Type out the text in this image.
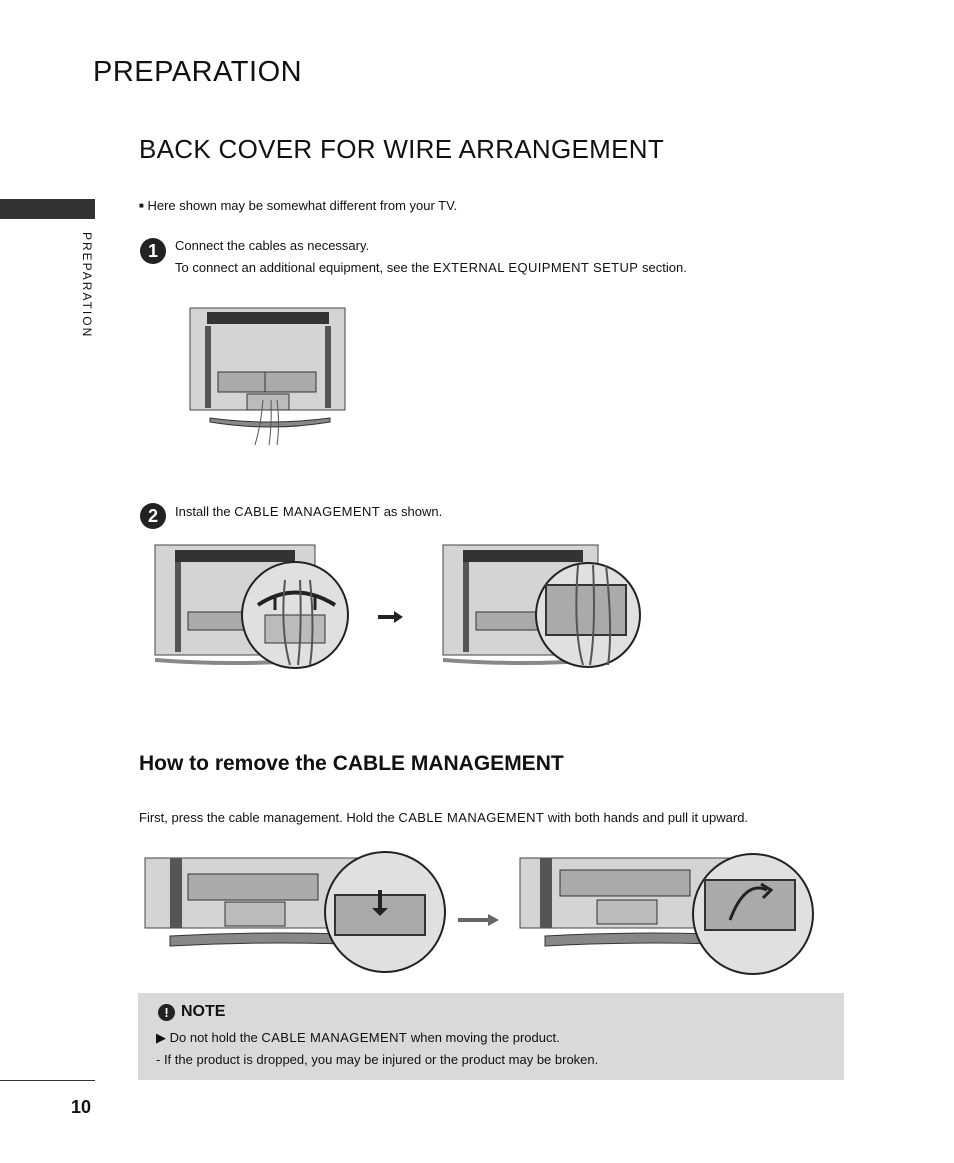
PREPARATION
PREPARATION
BACK COVER FOR WIRE ARRANGEMENT
■ Here shown may be somewhat different from your TV.
1	Connect the cables as necessary.
To connect an additional equipment, see the EXTERNAL EQUIPMENT SETUP section.
2	Install the CABLE MANAGEMENT as shown.
How to remove the CABLE MANAGEMENT
First, press the cable management. Hold the CABLE MANAGEMENT with both hands and pull it upward.
! NOTE
▶ Do not hold the CABLE MANAGEMENT when moving the product.
- If the product is dropped, you may be injured or the product may be broken.
10
